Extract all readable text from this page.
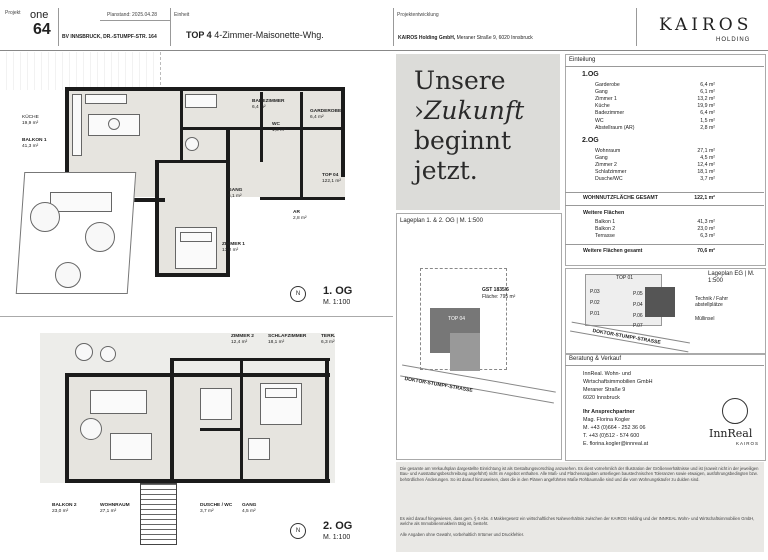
Projekt one
64
Planstand: 2025.04.28
BV INNSBRUCK, DR.-STUMPF-STR. 164
Einheit
TOP 4 4-Zimmer-Maisonette-Whg.
Projektentwicklung
KAIROS Holding GmbH, Meraner Straße 9, 6020 Innsbruck
KAIROS
HOLDING
KÜCHE
19,9 m²
BALKON 1
41,3 m²
BADEZIMMER
6,4 m²
GARDEROBE
6,4 m²
WC
1,5 m²
TOP 04
122,1 m²
GANG
6,1 m²
AR
2,8 m²
ZIMMER 1
13,2 m²
N	1. OG
M. 1:100
ZIMMER 2
12,4 m²
SCHLAFZIMMER
18,1 m²
TERR.
6,3 m²
BALKON 2
23,0 m²
WOHNRAUM
27,1 m²
DUSCHE / WC
3,7 m²
GANG
4,5 m²
N	2. OG
M. 1:100
Unsere
›Zukunft
beginnt
jetzt.
Lageplan 1. & 2. OG | M. 1:500
GST 1835/6
Fläche: 795 m²
TOP 04
DOKTOR-STUMPF-STRASSE
Die gesamte am Verkaufsplan dargestellte Einrichtung ist als Gestaltungsvorschlag anzusehen. Es dient vornehmlich der Illustration der Größenverhältnisse und ist (soweit nicht in der jeweiligen Bau- und Ausstattungsbeschreibung angeführt) nicht im Angebot enthalten. Alle Maß- und Flächenangaben unterliegen baustechnischen Toleranzen sowie etwaigen, ausführungsbedingten bzw. behördlichen Änderungen. So ist darauf hinzuweisen, dass die in den Plänen angeführten Maße Rohbaumaße sind und die vom Wohnungskäufer zu dulden sind.
Es wird darauf hingewiesen, dass gem. § 6 Abs. 4 Maklergesetz ein wirtschaftliches Naheverhältnis zwischen der KAIROS Holding und der INNREAL Wohn- und Wirtschaftsimmobilien GmbH, welche als Immobilienmaklerin tätig ist, besteht.
Alle Angaben ohne Gewähr, vorbehaltlich Irrtümer und Druckfehler.
Einteilung
1.OG
Garderobe	6,4 m²
Gang	6,1 m²
Zimmer 1	13,2 m²
Küche	19,9 m²
Badezimmer	6,4 m²
WC	1,5 m²
Abstellraum (AR)	2,8 m²
2.OG
Wohnraum	27,1 m²
Gang	4,5 m²
Zimmer 2	12,4 m²
Schlafzimmer	18,1 m²
Dusche/WC	3,7 m²
WOHNNUTZFLÄCHE GESAMT	122,1 m²
Weitere Flächen
Balkon 1	41,3 m²
Balkon 2	23,0 m²
Terrasse	6,3 m²
Weitere Flächen gesamt	70,6 m²
Lageplan EG | M. 1:500
TOP 01
P.03
P.02
P.01
P.05
P.04
P.06
P.07
Technik / Fahrr abstellplätze
Müllinsel
DOKTOR-STUMPF-STRASSE
Beratung & Verkauf
InnReal. Wohn- und
Wirtschaftsimmobilien GmbH
Meraner Straße 9
6020 Innsbruck
Ihr Ansprechpartner
Mag. Florina Kogler
M. +43 (0)664 - 252 36 06
T. +43 (0)512 - 574 600
E. florina.kogler@innreal.at
InnReal
KAIROS
